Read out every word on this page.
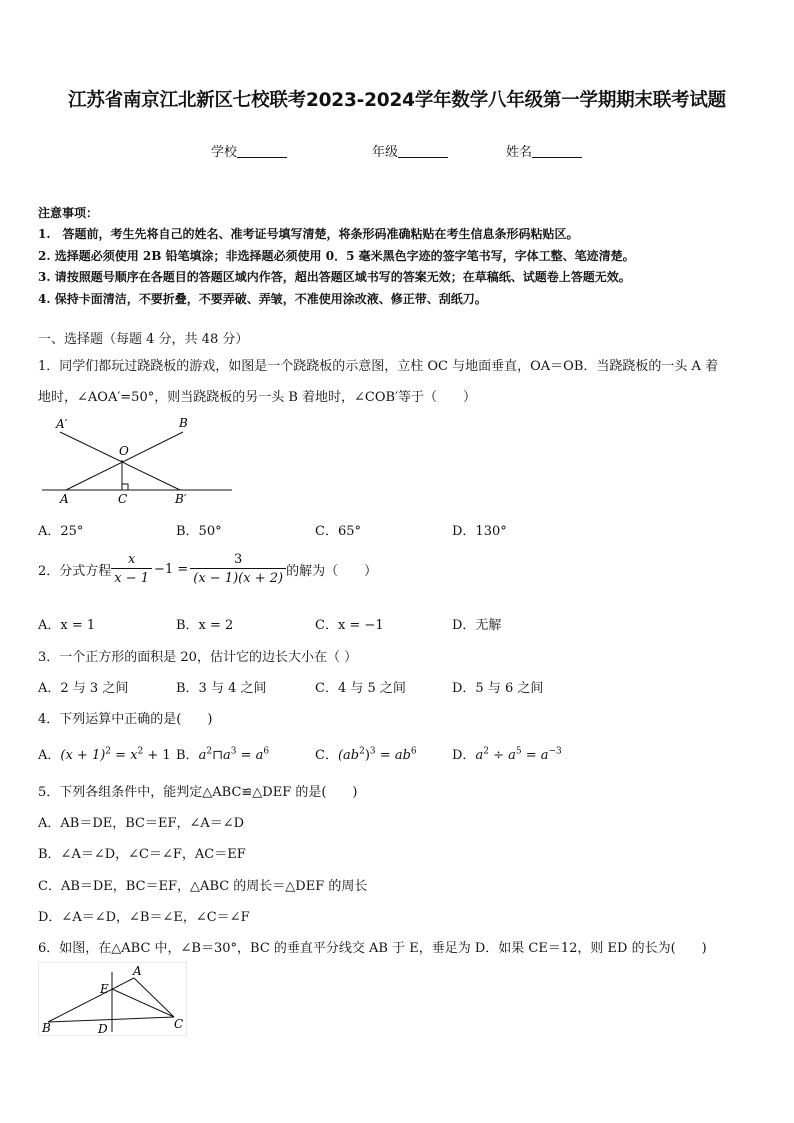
江苏省南京江北新区七校联考2023-2024学年数学八年级第一学期期末联考试题
学校	年级	姓名
注意事项：
1.　答题前，考生先将自己的姓名、准考证号填写清楚，将条形码准确粘贴在考生信息条形码粘贴区。
2. 选择题必须使用 2B 铅笔填涂；非选择题必须使用 0．5 毫米黑色字迹的签字笔书写，字体工整、笔迹清楚。
3. 请按照题号顺序在各题目的答题区域内作答，超出答题区域书写的答案无效；在草稿纸、试题卷上答题无效。
4. 保持卡面清洁，不要折叠，不要弄破、弄皱，不准使用涂改液、修正带、刮纸刀。
一、选择题（每题 4 分，共 48 分）
1．同学们都玩过跷跷板的游戏，如图是一个跷跷板的示意图，立柱 OC 与地面垂直，OA＝OB．当跷跷板的一头 A 着
地时，∠AOA′=50°，则当跷跷板的另一头 B 着地时，∠COB′等于（　　）
A′	B
O
A	C	B′
A．25°	B．50°	C．65°	D．130°
2．分式方程 $\frac{x}{x - 1} -1 = \frac{3}{(x - 1)(x + 2)}$ 的解为（　　）
A．x = 1	B．x = 2	C．x = −1	D．无解
3．一个正方形的面积是 20，估计它的边长大小在（ ）
A．2 与 3 之间	B．3 与 4 之间	C．4 与 5 之间	D．5 与 6 之间
4．下列运算中正确的是(　　)
A．$(x + 1)^2 = x^2 + 1$ B．$a^2⊓a^3 = a^6$	C．$(ab^2)^3 = ab^6$	D．$a^2 \div a^5 = a^{-3}$
5．下列各组条件中，能判定△ABC≌△DEF 的是(　　)
A．AB＝DE，BC＝EF，∠A＝∠D
B．∠A＝∠D，∠C＝∠F，AC＝EF
C．AB＝DE，BC＝EF，△ABC 的周长＝△DEF 的周长
D．∠A＝∠D，∠B＝∠E，∠C＝∠F
6．如图，在△ABC 中，∠B＝30°，BC 的垂直平分线交 AB 于 E，垂足为 D．如果 CE＝12，则 ED 的长为(　　)
A
E
B	D	C
